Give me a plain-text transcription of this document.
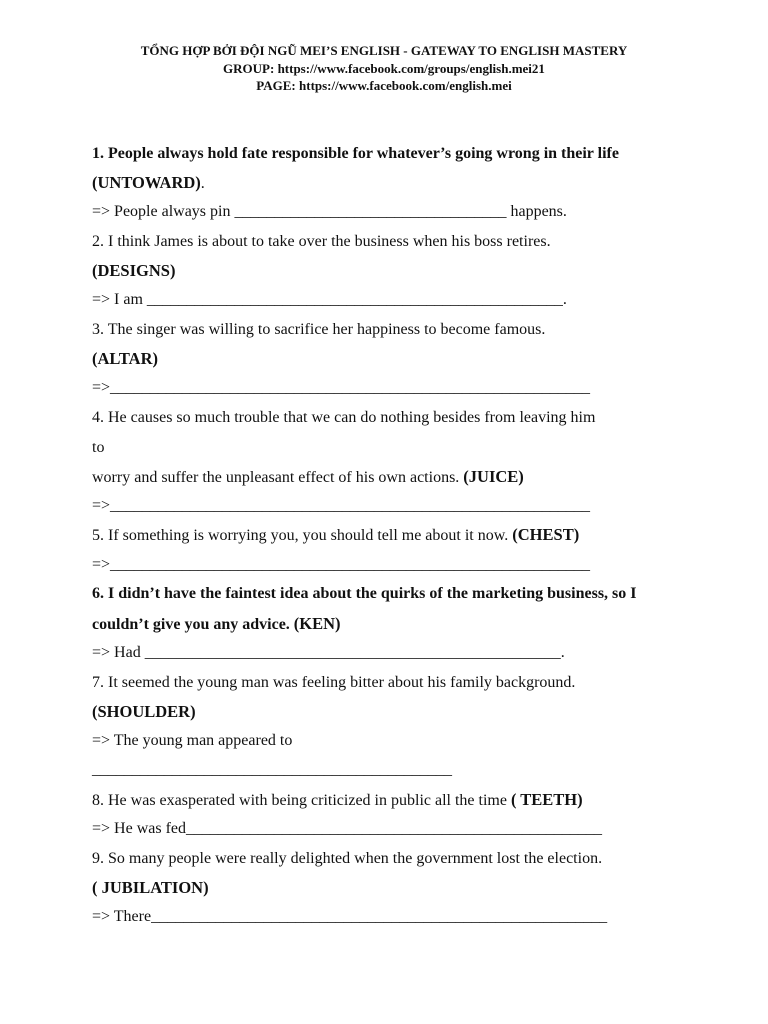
TỔNG HỢP BỞI ĐỘI NGŨ MEI’S ENGLISH - GATEWAY TO ENGLISH MASTERY
GROUP: https://www.facebook.com/groups/english.mei21
PAGE: https://www.facebook.com/english.mei
1. People always hold fate responsible for whatever’s going wrong in their life
(UNTOWARD).
=> People always pin __________________________________ happens.
2. I think James is about to take over the business when his boss retires.
(DESIGNS)
=> I am ____________________________________________________.
3. The singer was willing to sacrifice her happiness to become famous.
(ALTAR)
=>____________________________________________________________
4. He causes so much trouble that we can do nothing besides from leaving him
to
worry and suffer the unpleasant effect of his own actions. (JUICE)
=>____________________________________________________________
5. If something is worrying you, you should tell me about it now. (CHEST)
=>____________________________________________________________
6. I didn’t have the faintest idea about the quirks of the marketing business, so I
couldn’t give you any advice. (KEN)
=> Had ____________________________________________________.
7. It seemed the young man was feeling bitter about his family background.
(SHOULDER)
=> The young man appeared to
_____________________________________________
8. He was exasperated with being criticized in public all the time ( TEETH)
=> He was fed____________________________________________________
9. So many people were really delighted when the government lost the election.
( JUBILATION)
=> There_________________________________________________________
